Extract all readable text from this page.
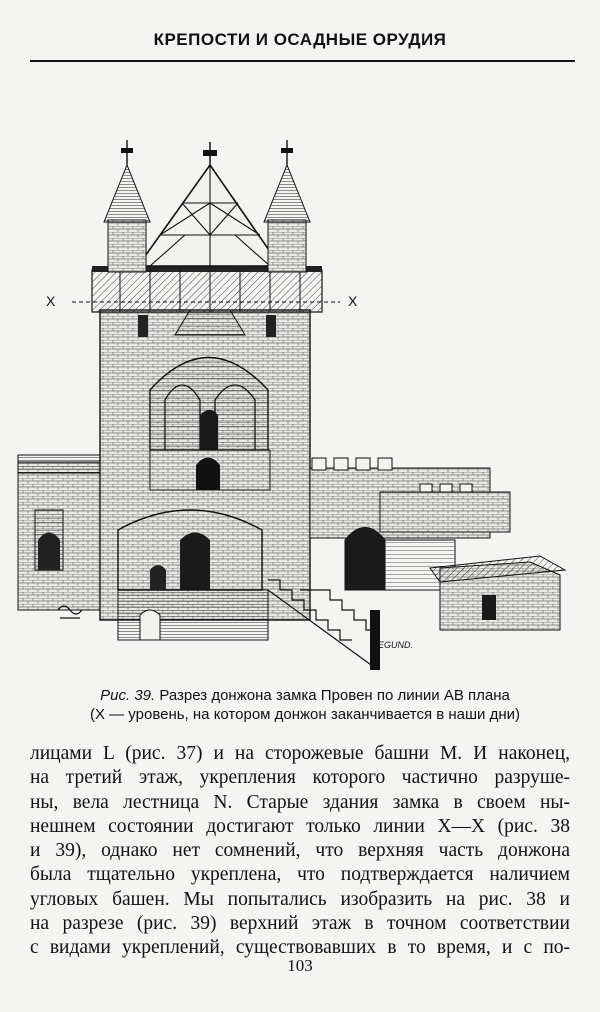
КРЕПОСТИ И ОСАДНЫЕ ОРУДИЯ
X	X
PEGUND.
Рис. 39. Разрез донжона замка Провен по линии АВ плана
(X — уровень, на котором донжон заканчивается в наши дни)
лицами L (рис. 37) и на сторожевые башни М. И наконец,
на третий этаж, укрепления которого частично разруше-
ны, вела лестница N. Старые здания замка в своем ны-
нешнем состоянии достигают только линии X—X (рис. 38
и 39), однако нет сомнений, что верхняя часть донжона
была тщательно укреплена, что подтверждается наличием
угловых башен. Мы попытались изобразить на рис. 38 и
на разрезе (рис. 39) верхний этаж в точном соответствии
с видами укреплений, существовавших в то время, и с по-
103
